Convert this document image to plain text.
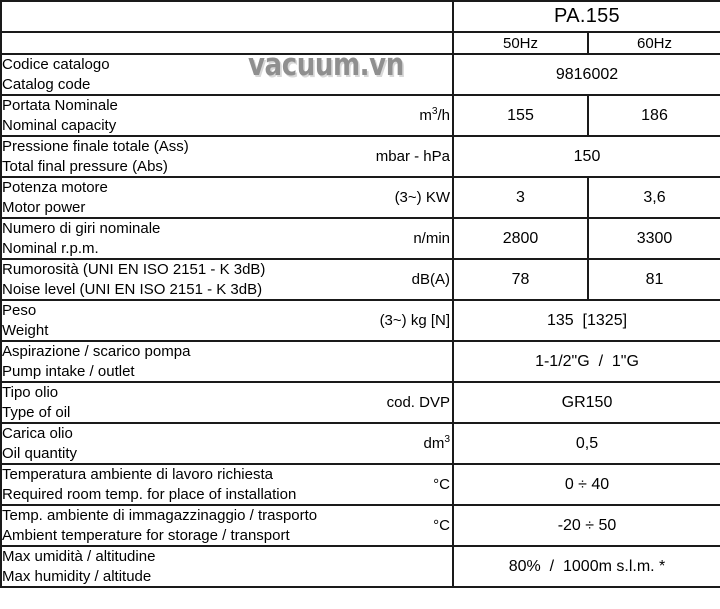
	PA.155	
	50Hz	60Hz

Codice catalogo
Catalog code	9816002	

Portata Nominale
Nominal capacity
$m^3/h$	155	186

Pressione finale totale (Ass)
Total final pressure (Abs)
mbar - hPa	150	

Potenza motore
Motor power
(3~) KW	3	3,6

Numero di giri nominale
Nominal r.p.m.
n/min	2800	3300

Rumorosità (UNI EN ISO 2151 - K 3dB)
Noise level (UNI EN ISO 2151 - K 3dB)
dB(A)	78	81

Peso
Weight
(3~) kg [N]	135  [1325]	

Aspirazione / scarico pompa
Pump intake / outlet	1-1/2"G  /  1"G	

Tipo olio
Type of oil
cod. DVP	GR150	

Carica olio
Oil quantity
$dm^3$	0,5	

Temperatura ambiente di lavoro richiesta
Required room temp. for place of installation
°C	0 ÷ 40	

Temp. ambiente di immagazzinaggio / trasporto
Ambient temperature for storage / transport
°C	-20 ÷ 50	

Max umidità / altitudine
Max humidity / altitude	80%  /  1000m s.l.m. *	
vacuum.vn
